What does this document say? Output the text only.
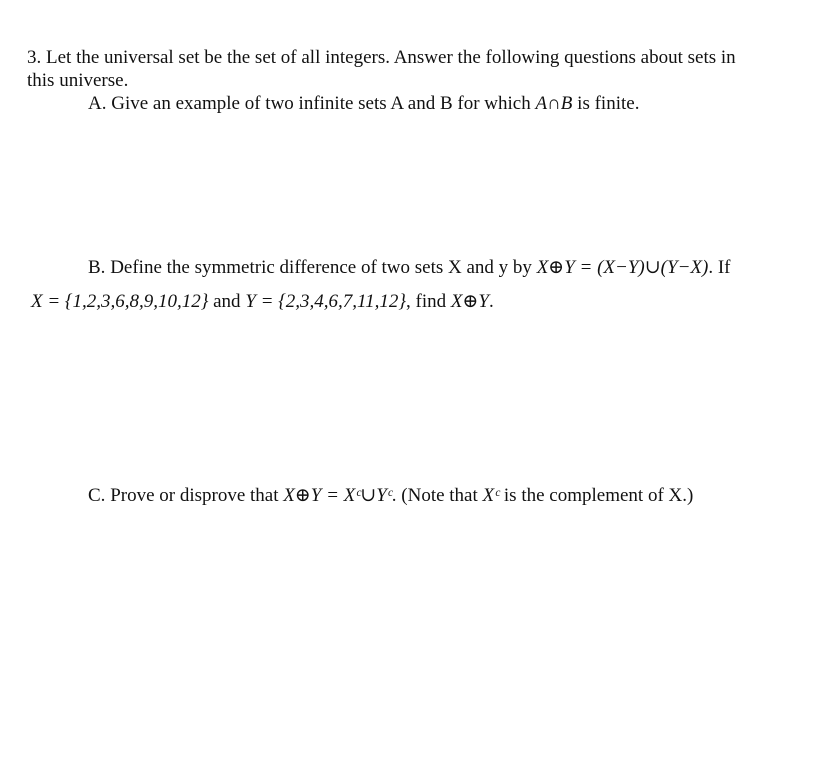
3. Let the universal set be the set of all integers. Answer the following questions about sets in
this universe.
A. Give an example of two infinite sets A and B for which A∩B is finite.
B. Define the symmetric difference of two sets X and y by X⊕Y = (X−Y)∪(Y−X). If
X = {1,2,3,6,8,9,10,12} and Y = {2,3,4,6,7,11,12}, find X⊕Y.
C. Prove or disprove that X⊕Y = Xᶜ∪Yᶜ. (Note that Xᶜ is the complement of X.)
